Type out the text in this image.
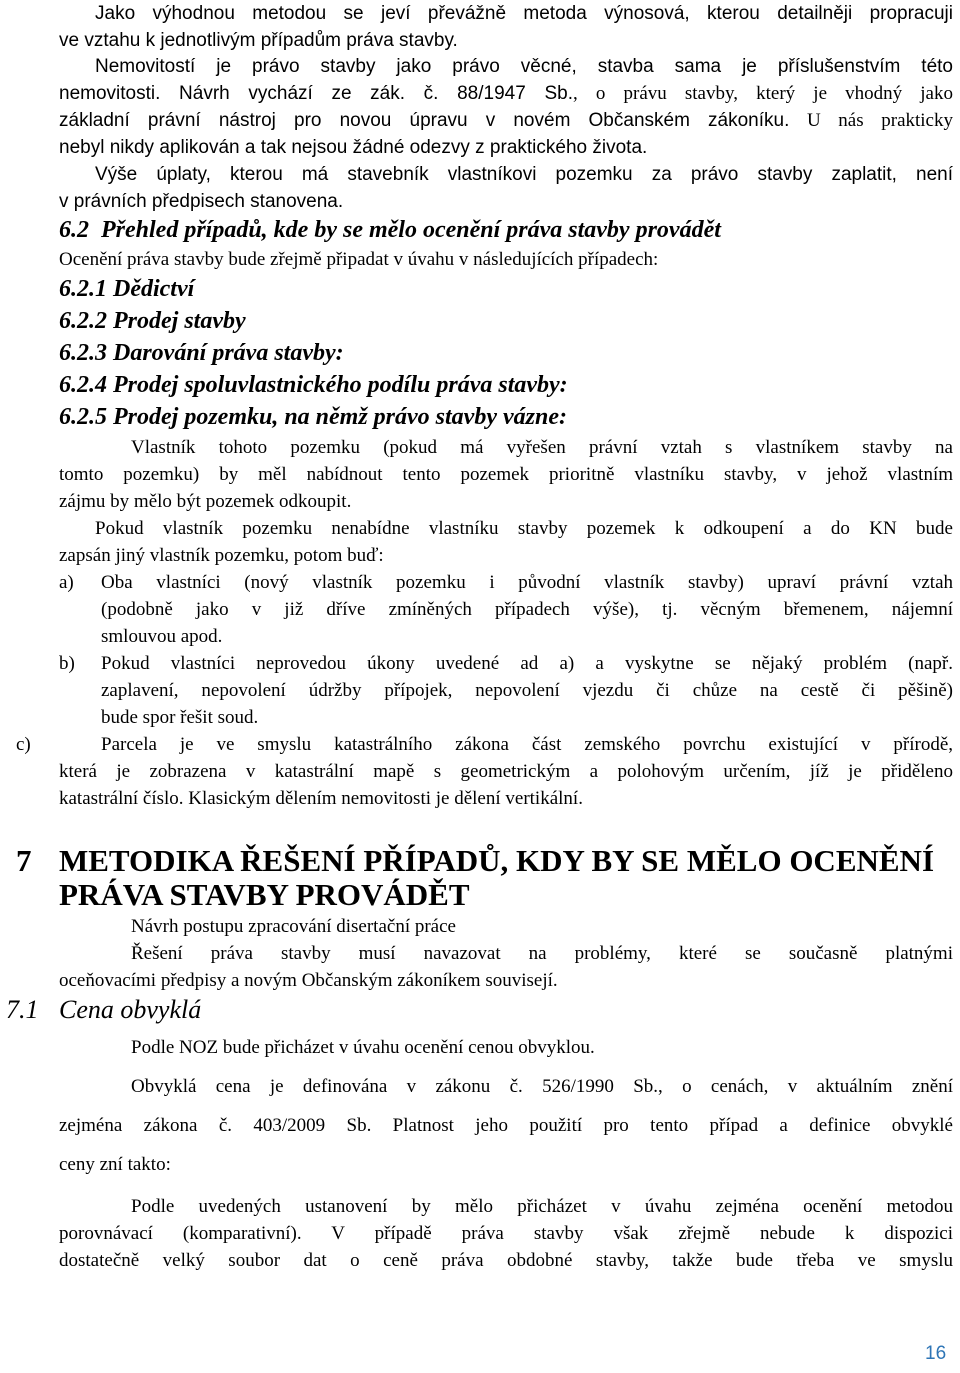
Jako výhodnou metodou se jeví převážně metoda výnosová, kterou detailněji propracuji
ve vztahu k jednotlivým případům práva stavby.
Nemovitostí je právo stavby jako právo věcné, stavba sama je příslušenstvím této
nemovitosti. Návrh vychází ze zák. č. 88/1947 Sb., o právu stavby, který je vhodný jako
základní právní nástroj pro novou úpravu v novém Občanském zákoníku. U nás prakticky
nebyl nikdy aplikován a tak nejsou žádné odezvy z praktického života.
Výše úplaty, kterou má stavebník vlastníkovi pozemku za právo stavby zaplatit, není
v právních předpisech stanovena.
6.2 Přehled případů, kde by se mělo ocenění práva stavby provádět
Ocenění práva stavby bude zřejmě připadat v úvahu v následujících případech:
6.2.1 Dědictví
6.2.2 Prodej stavby
6.2.3 Darování práva stavby:
6.2.4 Prodej spoluvlastnického podílu práva stavby:
6.2.5 Prodej pozemku, na němž právo stavby vázne:
Vlastník tohoto pozemku (pokud má vyřešen právní vztah s vlastníkem stavby na
tomto pozemku) by měl nabídnout tento pozemek prioritně vlastníku stavby, v jehož vlastním
zájmu by mělo být pozemek odkoupit.
Pokud vlastník pozemku nenabídne vlastníku stavby pozemek k odkoupení a do KN bude
zapsán jiný vlastník pozemku, potom buď:
a) Oba vlastníci (nový vlastník pozemku i původní vlastník stavby) upraví právní vztah
(podobně jako v již dříve zmíněných případech výše), tj. věcným břemenem, nájemní
smlouvou apod.
b) Pokud vlastníci neprovedou úkony uvedené ad a) a vyskytne se nějaký problém (např.
zaplavení, nepovolení údržby přípojek, nepovolení vjezdu či chůze na cestě či pěšině)
bude spor řešit soud.
c)	Parcela je ve smyslu katastrálního zákona část zemského povrchu existující v přírodě,
která je zobrazena v katastrální mapě s geometrickým a polohovým určením, jíž je přiděleno
katastrální číslo. Klasickým dělením nemovitosti je dělení vertikální.
7 METODIKA ŘEŠENÍ PŘÍPADŮ, KDY BY SE MĚLO OCENĚNÍ
PRÁVA STAVBY PROVÁDĚT
Návrh postupu zpracování disertační práce
Řešení práva stavby musí navazovat na problémy, které se současně platnými
oceňovacími předpisy a novým Občanským zákoníkem souvisejí.
7.1 Cena obvyklá
Podle NOZ bude přicházet v úvahu ocenění cenou obvyklou.
Obvyklá cena je definována v zákonu č. 526/1990 Sb., o cenách, v aktuálním znění
zejména zákona č. 403/2009 Sb. Platnost jeho použití pro tento případ a definice obvyklé
ceny zní takto:
Podle uvedených ustanovení by mělo přicházet v úvahu zejména ocenění metodou
porovnávací (komparativní). V případě práva stavby však zřejmě nebude k dispozici
dostatečně velký soubor dat o ceně práva obdobné stavby, takže bude třeba ve smyslu
16
